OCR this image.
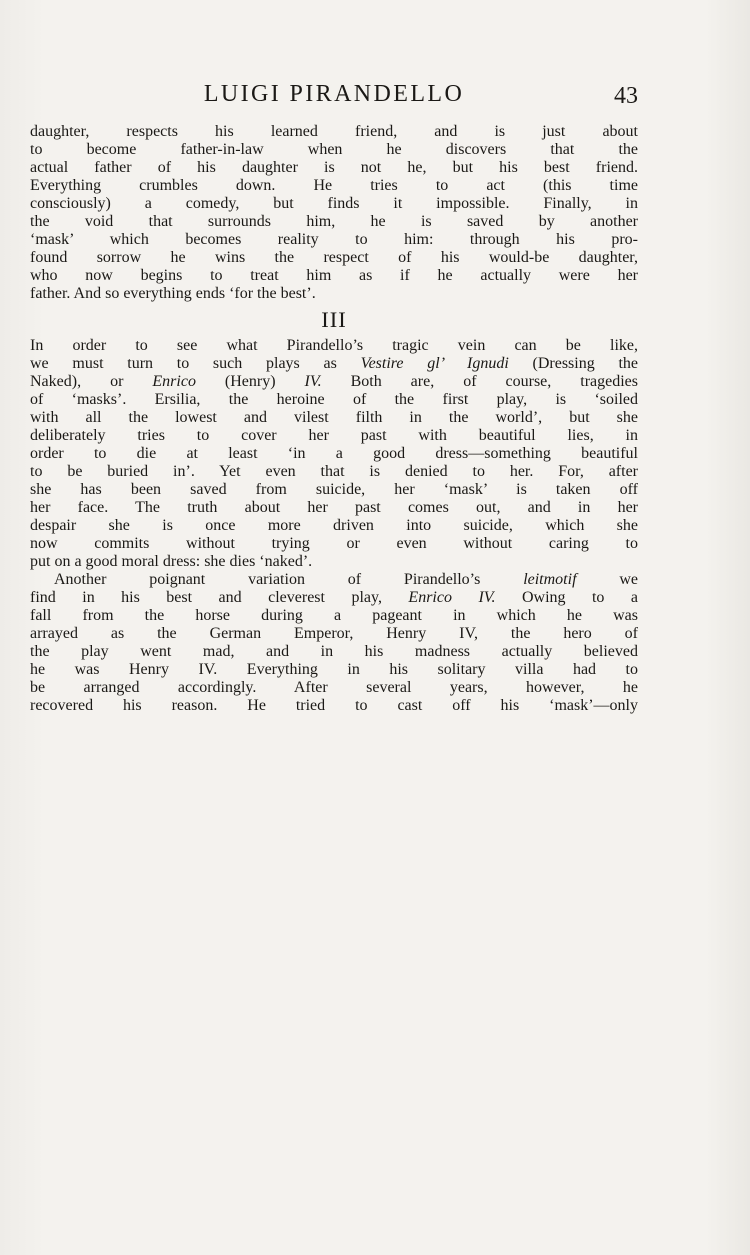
LUIGI PIRANDELLO	43
daughter, respects his learned friend, and is just about
to become father-in-law when he discovers that the
actual father of his daughter is not he, but his best friend.
Everything crumbles down. He tries to act (this time
consciously) a comedy, but finds it impossible. Finally, in
the void that surrounds him, he is saved by another
‘mask’ which becomes reality to him: through his pro-
found sorrow he wins the respect of his would-be daughter,
who now begins to treat him as if he actually were her
father. And so everything ends ‘for the best’.
III
In order to see what Pirandello’s tragic vein can be like,
we must turn to such plays as Vestire gl’ Ignudi (Dressing the
Naked), or Enrico (Henry) IV. Both are, of course, tragedies
of ‘masks’. Ersilia, the heroine of the first play, is ‘soiled
with all the lowest and vilest filth in the world’, but she
deliberately tries to cover her past with beautiful lies, in
order to die at least ‘in a good dress—something beautiful
to be buried in’. Yet even that is denied to her. For, after
she has been saved from suicide, her ‘mask’ is taken off
her face. The truth about her past comes out, and in her
despair she is once more driven into suicide, which she
now commits without trying or even without caring to
put on a good moral dress: she dies ‘naked’.
Another poignant variation of Pirandello’s leitmotif we
find in his best and cleverest play, Enrico IV. Owing to a
fall from the horse during a pageant in which he was
arrayed as the German Emperor, Henry IV, the hero of
the play went mad, and in his madness actually believed
he was Henry IV. Everything in his solitary villa had to
be arranged accordingly. After several years, however, he
recovered his reason. He tried to cast off his ‘mask’—only
